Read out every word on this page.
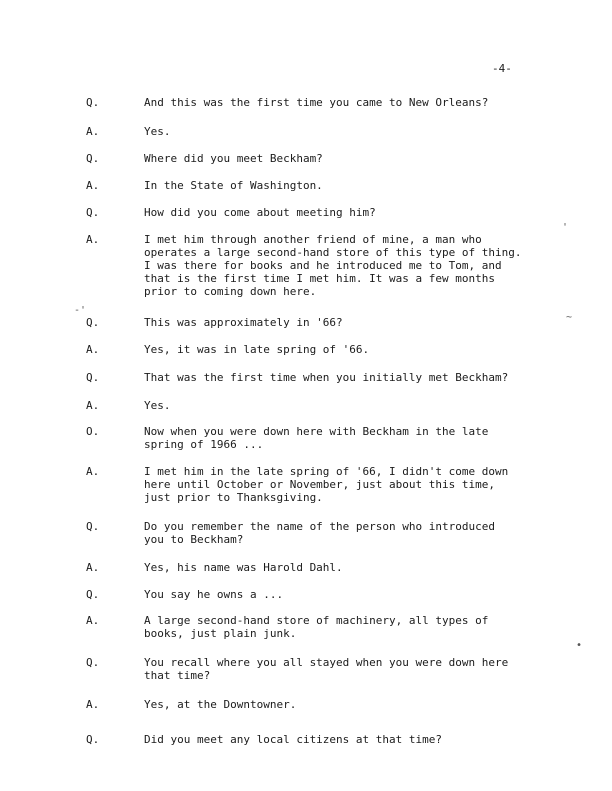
-4-
Q.	And this was the first time you came to New Orleans?
A.	Yes.
Q.	Where did you meet Beckham?
A.	In the State of Washington.
Q.	How did you come about meeting him?
A.	I met him through another friend of mine, a man who
operates a large second-hand store of this type of thing.
I was there for books and he introduced me to Tom, and
that is the first time I met him. It was a few months
prior to coming down here.
Q.	This was approximately in '66?
A.	Yes, it was in late spring of '66.
Q.	That was the first time when you initially met Beckham?
A.	Yes.
O.	Now when you were down here with Beckham in the late
spring of 1966 ...
A.	I met him in the late spring of '66, I didn't come down
here until October or November, just about this time,
just prior to Thanksgiving.
Q.	Do you remember the name of the person who introduced
you to Beckham?
A.	Yes, his name was Harold Dahl.
Q.	You say he owns a ...
A.	A large second-hand store of machinery, all types of
books, just plain junk.
Q.	You recall where you all stayed when you were down here
that time?
A.	Yes, at the Downtowner.
Q.	Did you meet any local citizens at that time?
'
-'
~
•
